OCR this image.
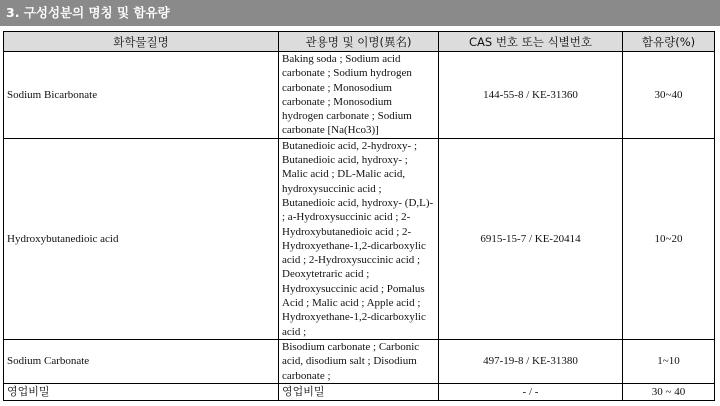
3. 구성성분의 명칭 및 함유량
화학물질명	관용명 및 이명(異名)	CAS 번호 또는 식별번호	함유량(%)
Sodium Bicarbonate	Baking soda ; Sodium acid carbonate ; Sodium hydrogen carbonate ; Monosodium carbonate ; Monosodium hydrogen carbonate ; Sodium carbonate [Na(Hco3)]	144-55-8 / KE-31360	30~40
Hydroxybutanedioic acid	Butanedioic acid, 2-hydroxy- ; Butanedioic acid, hydroxy- ; Malic acid ; DL-Malic acid, hydroxysuccinic acid ; Butanedioic acid, hydroxy- (D,L)- ; a-Hydroxysuccinic acid ; 2-Hydroxybutanedioic acid ; 2-Hydroxyethane-1,2-dicarboxylic acid ; 2-Hydroxysuccinic acid ; Deoxytetraric acid ; Hydroxysuccinic acid ; Pomalus Acid ; Malic acid ; Apple acid ; Hydroxyethane-1,2-dicarboxylic acid ;	6915-15-7 / KE-20414	10~20
Sodium Carbonate	Bisodium carbonate ; Carbonic acid, disodium salt ; Disodium carbonate ;	497-19-8 / KE-31380	1~10
영업비밀	영업비밀	- / -	30 ~ 40
